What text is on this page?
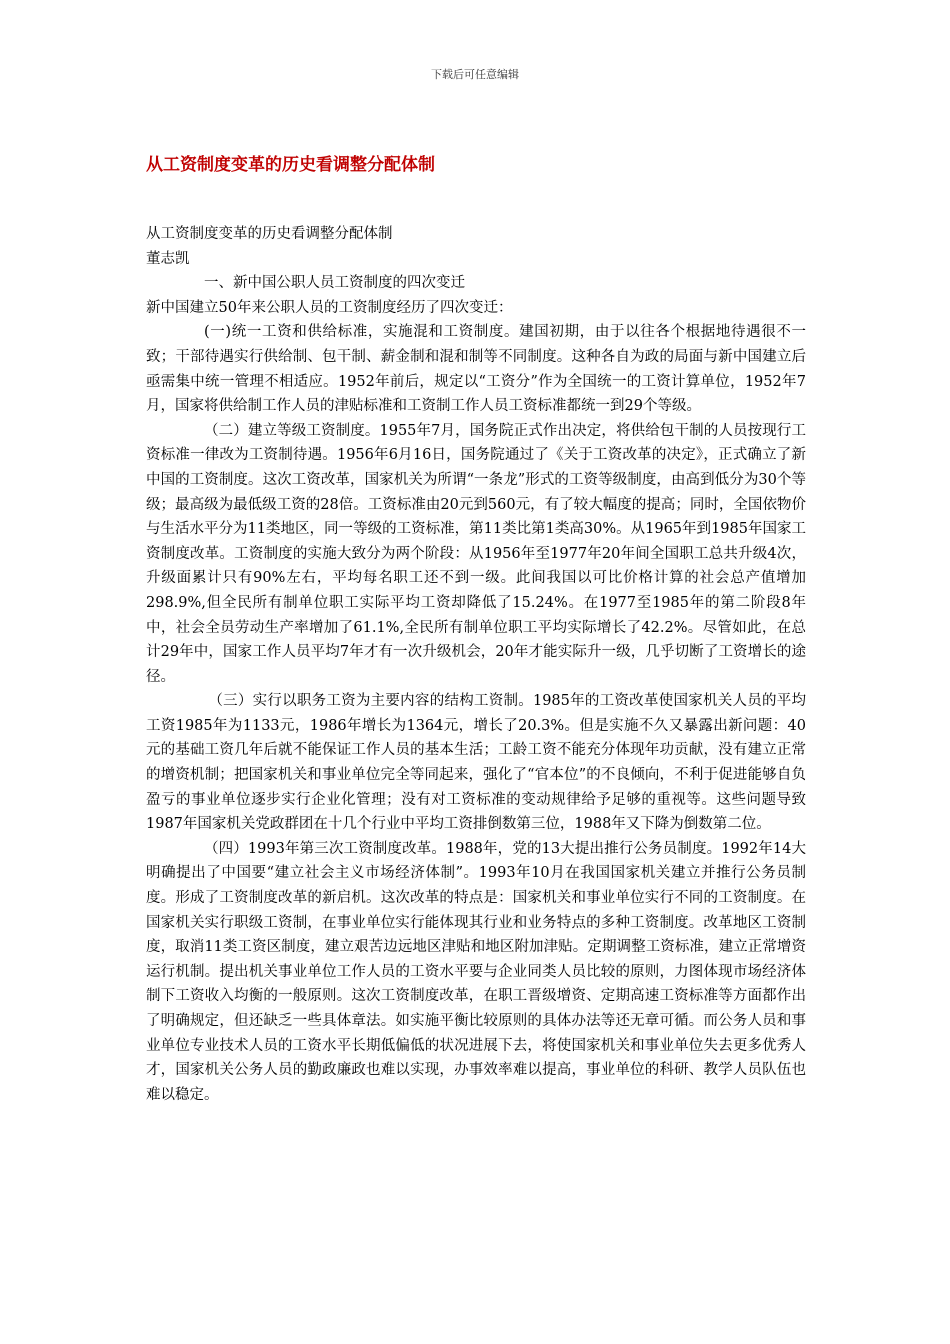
下载后可任意编辑
从工资制度变革的历史看调整分配体制

从工资制度变革的历史看调整分配体制

董志凯

一、新中国公职人员工资制度的四次变迁

新中国建立50年来公职人员的工资制度经历了四次变迁：

(一)统一工资和供给标准，实施混和工资制度。建国初期，由于以往各个根据地待遇很不一致；干部待遇实行供给制、包干制、薪金制和混和制等不同制度。这种各自为政的局面与新中国建立后亟需集中统一管理不相适应。1952年前后，规定以“工资分”作为全国统一的工资计算单位，1952年7月，国家将供给制工作人员的津贴标准和工资制工作人员工资标准都统一到29个等级。

（二）建立等级工资制度。1955年7月，国务院正式作出决定，将供给包干制的人员按现行工资标准一律改为工资制待遇。1956年6月16日，国务院通过了《关于工资改革的决定》，正式确立了新中国的工资制度。这次工资改革，国家机关为所谓“一条龙”形式的工资等级制度，由高到低分为30个等级；最高级为最低级工资的28倍。工资标准由20元到560元，有了较大幅度的提高；同时，全国依物价与生活水平分为11类地区，同一等级的工资标准，第11类比第1类高30%。从1965年到1985年国家工资制度改革。工资制度的实施大致分为两个阶段：从1956年至1977年20年间全国职工总共升级4次，升级面累计只有90%左右，平均每名职工还不到一级。此间我国以可比价格计算的社会总产值增加298.9%,但全民所有制单位职工实际平均工资却降低了15.24%。在1977至1985年的第二阶段8年中，社会全员劳动生产率增加了61.1%,全民所有制单位职工平均实际增长了42.2%。尽管如此，在总计29年中，国家工作人员平均7年才有一次升级机会，20年才能实际升一级，几乎切断了工资增长的途径。

（三）实行以职务工资为主要内容的结构工资制。1985年的工资改革使国家机关人员的平均工资1985年为1133元，1986年增长为1364元，增长了20.3%。但是实施不久又暴露出新问题：40元的基础工资几年后就不能保证工作人员的基本生活；工龄工资不能充分体现年功贡献，没有建立正常的增资机制；把国家机关和事业单位完全等同起来，强化了“官本位”的不良倾向，不利于促进能够自负盈亏的事业单位逐步实行企业化管理；没有对工资标准的变动规律给予足够的重视等。这些问题导致1987年国家机关党政群团在十几个行业中平均工资排倒数第三位，1988年又下降为倒数第二位。

（四）1993年第三次工资制度改革。1988年，党的13大提出推行公务员制度。1992年14大明确提出了中国要“建立社会主义市场经济体制”。1993年10月在我国国家机关建立并推行公务员制度。形成了工资制度改革的新启机。这次改革的特点是：国家机关和事业单位实行不同的工资制度。在国家机关实行职级工资制，在事业单位实行能体现其行业和业务特点的多种工资制度。改革地区工资制度，取消11类工资区制度，建立艰苦边远地区津贴和地区附加津贴。定期调整工资标准，建立正常增资运行机制。提出机关事业单位工作人员的工资水平要与企业同类人员比较的原则，力图体现市场经济体制下工资收入均衡的一般原则。这次工资制度改革，在职工晋级增资、定期高速工资标准等方面都作出了明确规定，但还缺乏一些具体章法。如实施平衡比较原则的具体办法等还无章可循。而公务人员和事业单位专业技术人员的工资水平长期低偏低的状况进展下去，将使国家机关和事业单位失去更多优秀人才，国家机关公务人员的勤政廉政也难以实现，办事效率难以提高，事业单位的科研、教学人员队伍也难以稳定。
